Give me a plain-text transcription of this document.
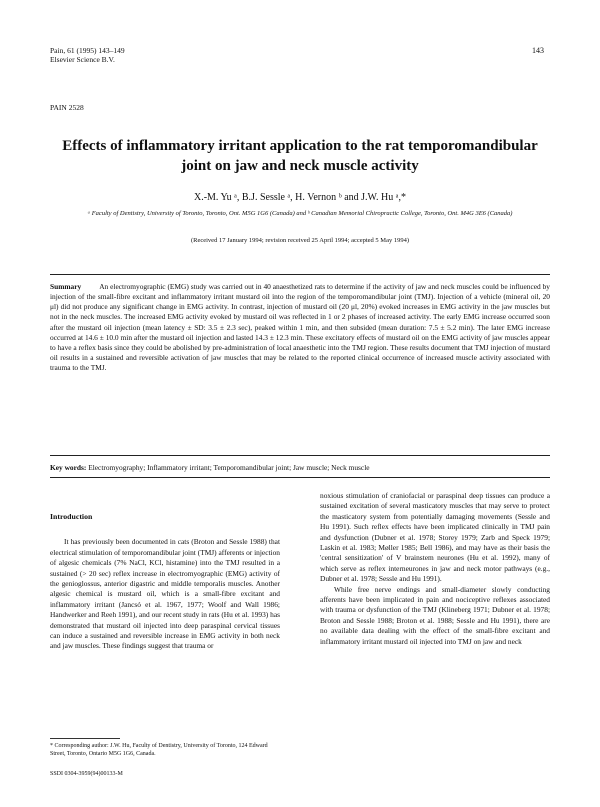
Pain, 61 (1995) 143–149
Elsevier Science B.V.
143
PAIN 2528
Effects of inflammatory irritant application to the rat temporomandibular joint on jaw and neck muscle activity
X.-M. Yu ᵃ, B.J. Sessle ᵃ, H. Vernon ᵇ and J.W. Hu ᵃ,*
ᵃ Faculty of Dentistry, University of Toronto, Toronto, Ont. M5G 1G6 (Canada) and ᵇ Canadian Memorial Chiropractic College, Toronto, Ont. M4G 3E6 (Canada)
(Received 17 January 1994; revision received 25 April 1994; accepted 5 May 1994)
Summary An electromyographic (EMG) study was carried out in 40 anaesthetized rats to determine if the activity of jaw and neck muscles could be influenced by injection of the small-fibre excitant and inflammatory irritant mustard oil into the region of the temporomandibular joint (TMJ). Injection of a vehicle (mineral oil, 20 μl) did not produce any significant change in EMG activity. In contrast, injection of mustard oil (20 μl, 20%) evoked increases in EMG activity in the jaw muscles but not in the neck muscles. The increased EMG activity evoked by mustard oil was reflected in 1 or 2 phases of increased activity. The early EMG increase occurred soon after the mustard oil injection (mean latency ± SD: 3.5 ± 2.3 sec), peaked within 1 min, and then subsided (mean duration: 7.5 ± 5.2 min). The later EMG increase occurred at 14.6 ± 10.0 min after the mustard oil injection and lasted 14.3 ± 12.3 min. These excitatory effects of mustard oil on the EMG activity of jaw muscles appear to have a reflex basis since they could be abolished by pre-administration of local anaesthetic into the TMJ region. These results document that TMJ injection of mustard oil results in a sustained and reversible activation of jaw muscles that may be related to the reported clinical occurrence of increased muscle activity associated with trauma to the TMJ.
Key words: Electromyography; Inflammatory irritant; Temporomandibular joint; Jaw muscle; Neck muscle
Introduction

It has previously been documented in cats (Broton and Sessle 1988) that electrical stimulation of temporomandibular joint (TMJ) afferents or injection of algesic chemicals (7% NaCl, KCl, histamine) into the TMJ resulted in a sustained (> 20 sec) reflex increase in electromyographic (EMG) activity of the genioglossus, anterior digastric and middle temporalis muscles. Another algesic chemical is mustard oil, which is a small-fibre excitant and inflammatory irritant (Jancsó et al. 1967, 1977; Woolf and Wall 1986; Handwerker and Reeh 1991), and our recent study in rats (Hu et al. 1993) has demonstrated that mustard oil injected into deep paraspinal cervical tissues can induce a sustained and reversible increase in EMG activity in both neck and jaw muscles. These findings suggest that trauma or

noxious stimulation of craniofacial or paraspinal deep tissues can produce a sustained excitation of several masticatory muscles that may serve to protect the masticatory system from potentially damaging movements (Sessle and Hu 1991). Such reflex effects have been implicated clinically in TMJ pain and dysfunction (Dubner et al. 1978; Storey 1979; Zarb and Speck 1979; Laskin et al. 1983; Møller 1985; Bell 1986), and may have as their basis the 'central sensitization' of V brainstem neurones (Hu et al. 1992), many of which serve as reflex interneurones in jaw and neck motor pathways (e.g., Dubner et al. 1978; Sessle and Hu 1991).

While free nerve endings and small-diameter slowly conducting afferents have been implicated in pain and nociceptive reflexes associated with trauma or dysfunction of the TMJ (Klineberg 1971; Dubner et al. 1978; Broton and Sessle 1988; Broton et al. 1988; Sessle and Hu 1991), there are no available data dealing with the effect of the small-fibre excitant and inflammatory irritant mustard oil injected into TMJ on jaw and neck

* Corresponding author: J.W. Hu, Faculty of Dentistry, University of Toronto, 124 Edward Street, Toronto, Ontario M5G 1G6, Canada.
SSDI 0304-3959(94)00133-M
